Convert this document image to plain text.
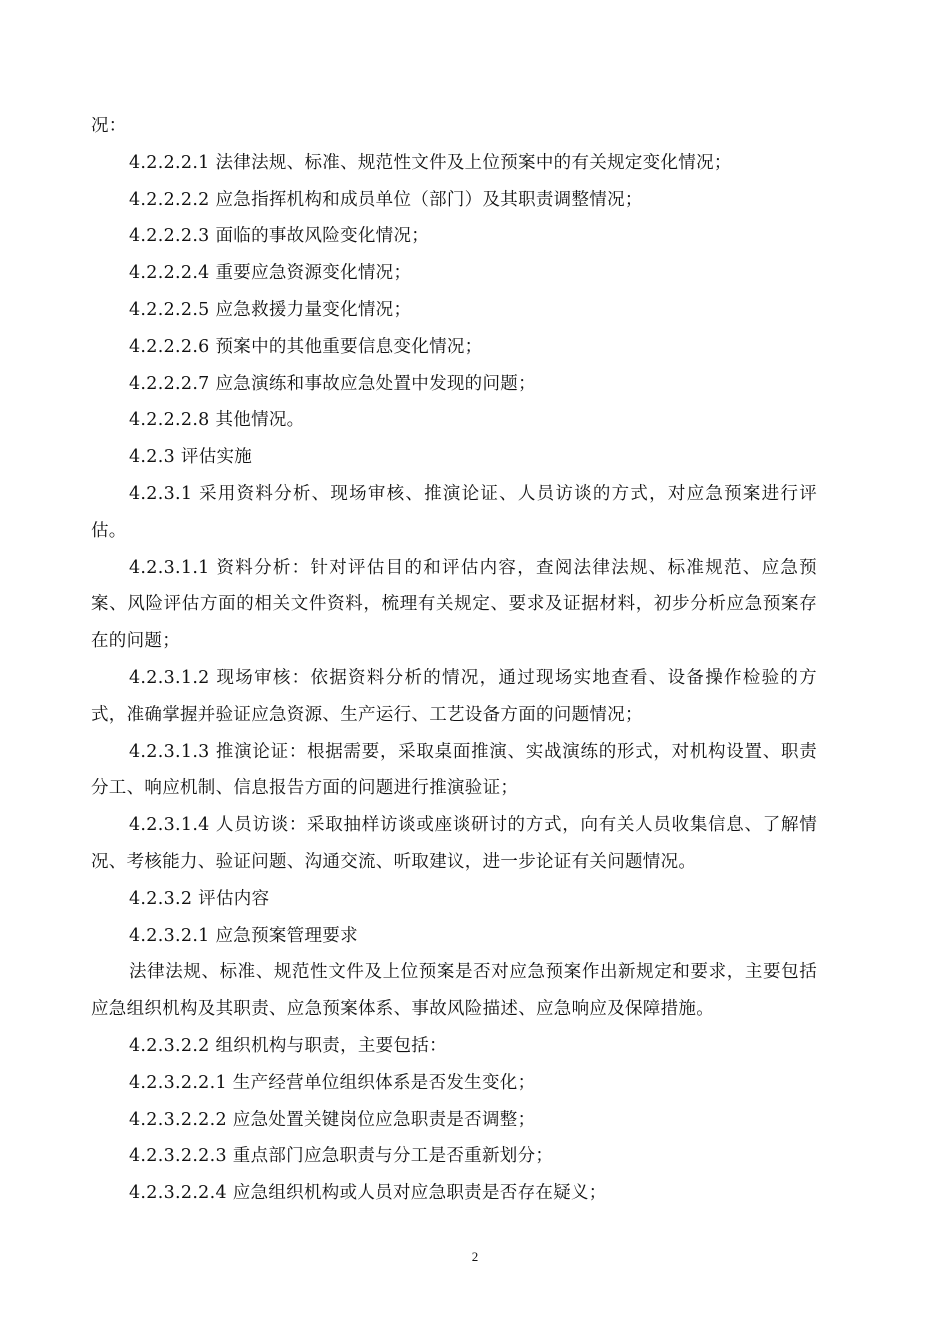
况：

4.2.2.2.1 法律法规、标准、规范性文件及上位预案中的有关规定变化情况；

4.2.2.2.2 应急指挥机构和成员单位（部门）及其职责调整情况；

4.2.2.2.3 面临的事故风险变化情况；

4.2.2.2.4 重要应急资源变化情况；

4.2.2.2.5 应急救援力量变化情况；

4.2.2.2.6 预案中的其他重要信息变化情况；

4.2.2.2.7 应急演练和事故应急处置中发现的问题；

4.2.2.2.8 其他情况。

4.2.3 评估实施

4.2.3.1 采用资料分析、现场审核、推演论证、人员访谈的方式，对应急预案进行评估。

4.2.3.1.1 资料分析：针对评估目的和评估内容，查阅法律法规、标准规范、应急预案、风险评估方面的相关文件资料，梳理有关规定、要求及证据材料，初步分析应急预案存在的问题；

4.2.3.1.2 现场审核：依据资料分析的情况，通过现场实地查看、设备操作检验的方式，准确掌握并验证应急资源、生产运行、工艺设备方面的问题情况；

4.2.3.1.3 推演论证：根据需要，采取桌面推演、实战演练的形式，对机构设置、职责分工、响应机制、信息报告方面的问题进行推演验证；

4.2.3.1.4 人员访谈：采取抽样访谈或座谈研讨的方式，向有关人员收集信息、了解情况、考核能力、验证问题、沟通交流、听取建议，进一步论证有关问题情况。

4.2.3.2 评估内容

4.2.3.2.1 应急预案管理要求

法律法规、标准、规范性文件及上位预案是否对应急预案作出新规定和要求，主要包括应急组织机构及其职责、应急预案体系、事故风险描述、应急响应及保障措施。

4.2.3.2.2 组织机构与职责，主要包括：

4.2.3.2.2.1 生产经营单位组织体系是否发生变化；

4.2.3.2.2.2 应急处置关键岗位应急职责是否调整；

4.2.3.2.2.3 重点部门应急职责与分工是否重新划分；

4.2.3.2.2.4 应急组织机构或人员对应急职责是否存在疑义；

2
